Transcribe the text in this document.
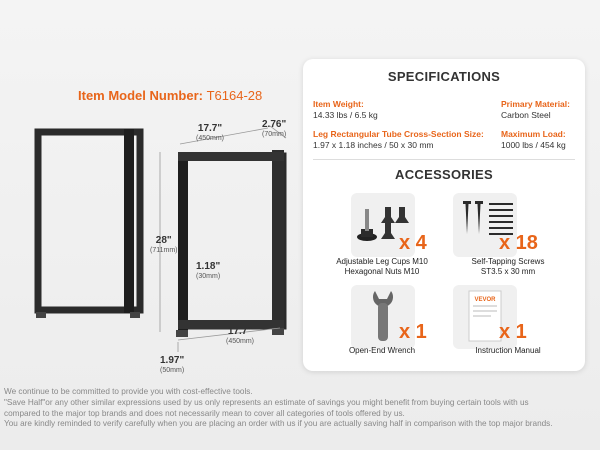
Item Model Number: T6164-28
17.7"
(450mm)
2.76"
(70mm)
28"
(711mm)
1.18"
(30mm)
17.7"
(450mm)
1.97"
(50mm)
SPECIFICATIONS
Item Weight:
14.33 lbs / 6.5 kg
Primary Material:
Carbon Steel
Leg Rectangular Tube Cross-Section Size:
1.97 x 1.18 inches / 50 x 30 mm
Maximum Load:
1000 lbs / 454 kg
ACCESSORIES
x 4
Adjustable Leg Cups M10
Hexagonal Nuts M10
x 18
Self-Tapping Screws
ST3.5 x 30 mm
x 1
Open-End Wrench
VEVOR
x 1
Instruction Manual
We continue to be committed to provide you with cost-effective tools.
"Save Half"or any other similar expressions used by us only represents an estimate of savings you might benefit from buying certain tools with us
compared to the major top brands and does not necessarily mean to cover all categories of tools offered by us.
You are kindly reminded to verify carefully when you are placing an order with us if you are actually saving half in comparison with the top major brands.
